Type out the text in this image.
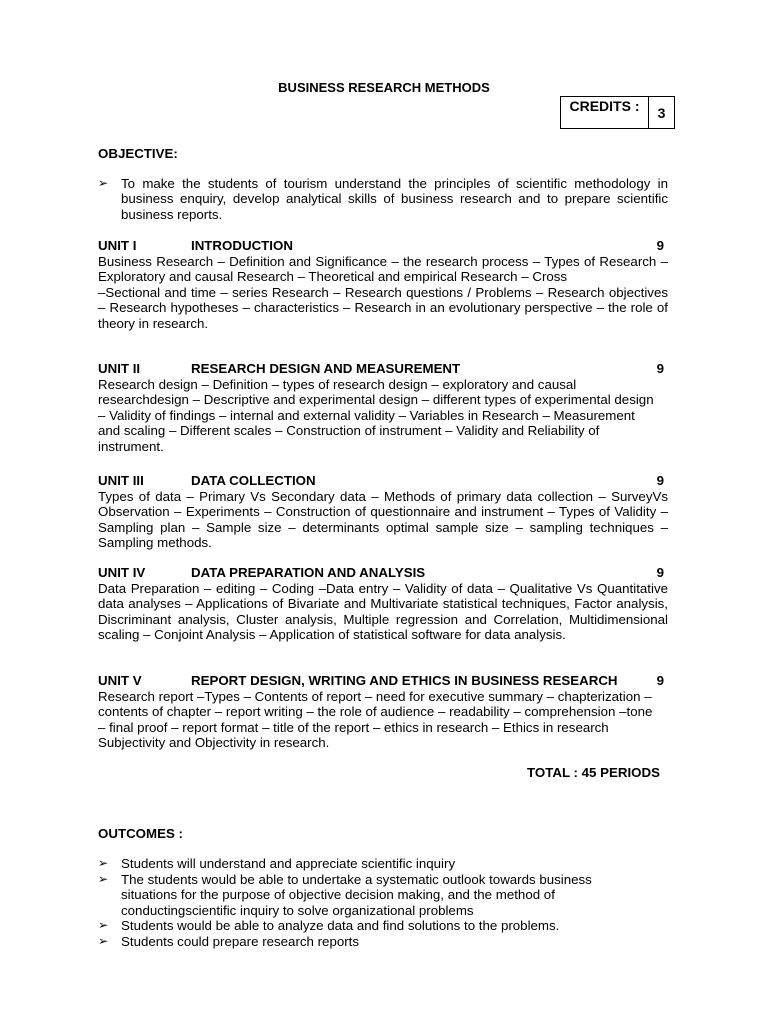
BUSINESS RESEARCH METHODS
CREDITS :	3
OBJECTIVE:
➢ To make the students of tourism understand the principles of scientific methodology in business enquiry, develop analytical skills of business research and to prepare scientific business reports.
UNIT I	INTRODUCTION	9
Business Research – Definition and Significance – the research process – Types of Research – Exploratory and causal Research – Theoretical and empirical Research – Cross
–Sectional and time – series Research – Research questions / Problems – Research objectives – Research hypotheses – characteristics – Research in an evolutionary perspective – the role of theory in research.
UNIT II	RESEARCH DESIGN AND MEASUREMENT	9
Research design – Definition – types of research design – exploratory and causal researchdesign – Descriptive and experimental design – different types of experimental design – Validity of findings – internal and external validity – Variables in Research – Measurement and scaling – Different scales – Construction of instrument – Validity and Reliability of instrument.
UNIT III	DATA COLLECTION	9
Types of data – Primary Vs Secondary data – Methods of primary data collection – SurveyVs Observation – Experiments – Construction of questionnaire and instrument – Types of Validity – Sampling plan – Sample size – determinants optimal sample size – sampling techniques – Sampling methods.
UNIT IV	DATA PREPARATION AND ANALYSIS	9
Data Preparation – editing – Coding –Data entry – Validity of data – Qualitative Vs Quantitative data analyses – Applications of Bivariate and Multivariate statistical techniques, Factor analysis, Discriminant analysis, Cluster analysis, Multiple regression and Correlation, Multidimensional scaling – Conjoint Analysis – Application of statistical software for data analysis.
UNIT V	REPORT DESIGN, WRITING AND ETHICS IN BUSINESS RESEARCH	9
Research report –Types – Contents of report – need for executive summary – chapterization – contents of chapter – report writing – the role of audience – readability – comprehension –tone – final proof – report format – title of the report – ethics in research – Ethics in research Subjectivity and Objectivity in research.
TOTAL : 45 PERIODS
OUTCOMES :
➢ Students will understand and appreciate scientific inquiry
➢ The students would be able to undertake a systematic outlook towards business situations for the purpose of objective decision making, and the method of conductingscientific inquiry to solve organizational problems
➢ Students would be able to analyze data and find solutions to the problems.
➢ Students could prepare research reports
